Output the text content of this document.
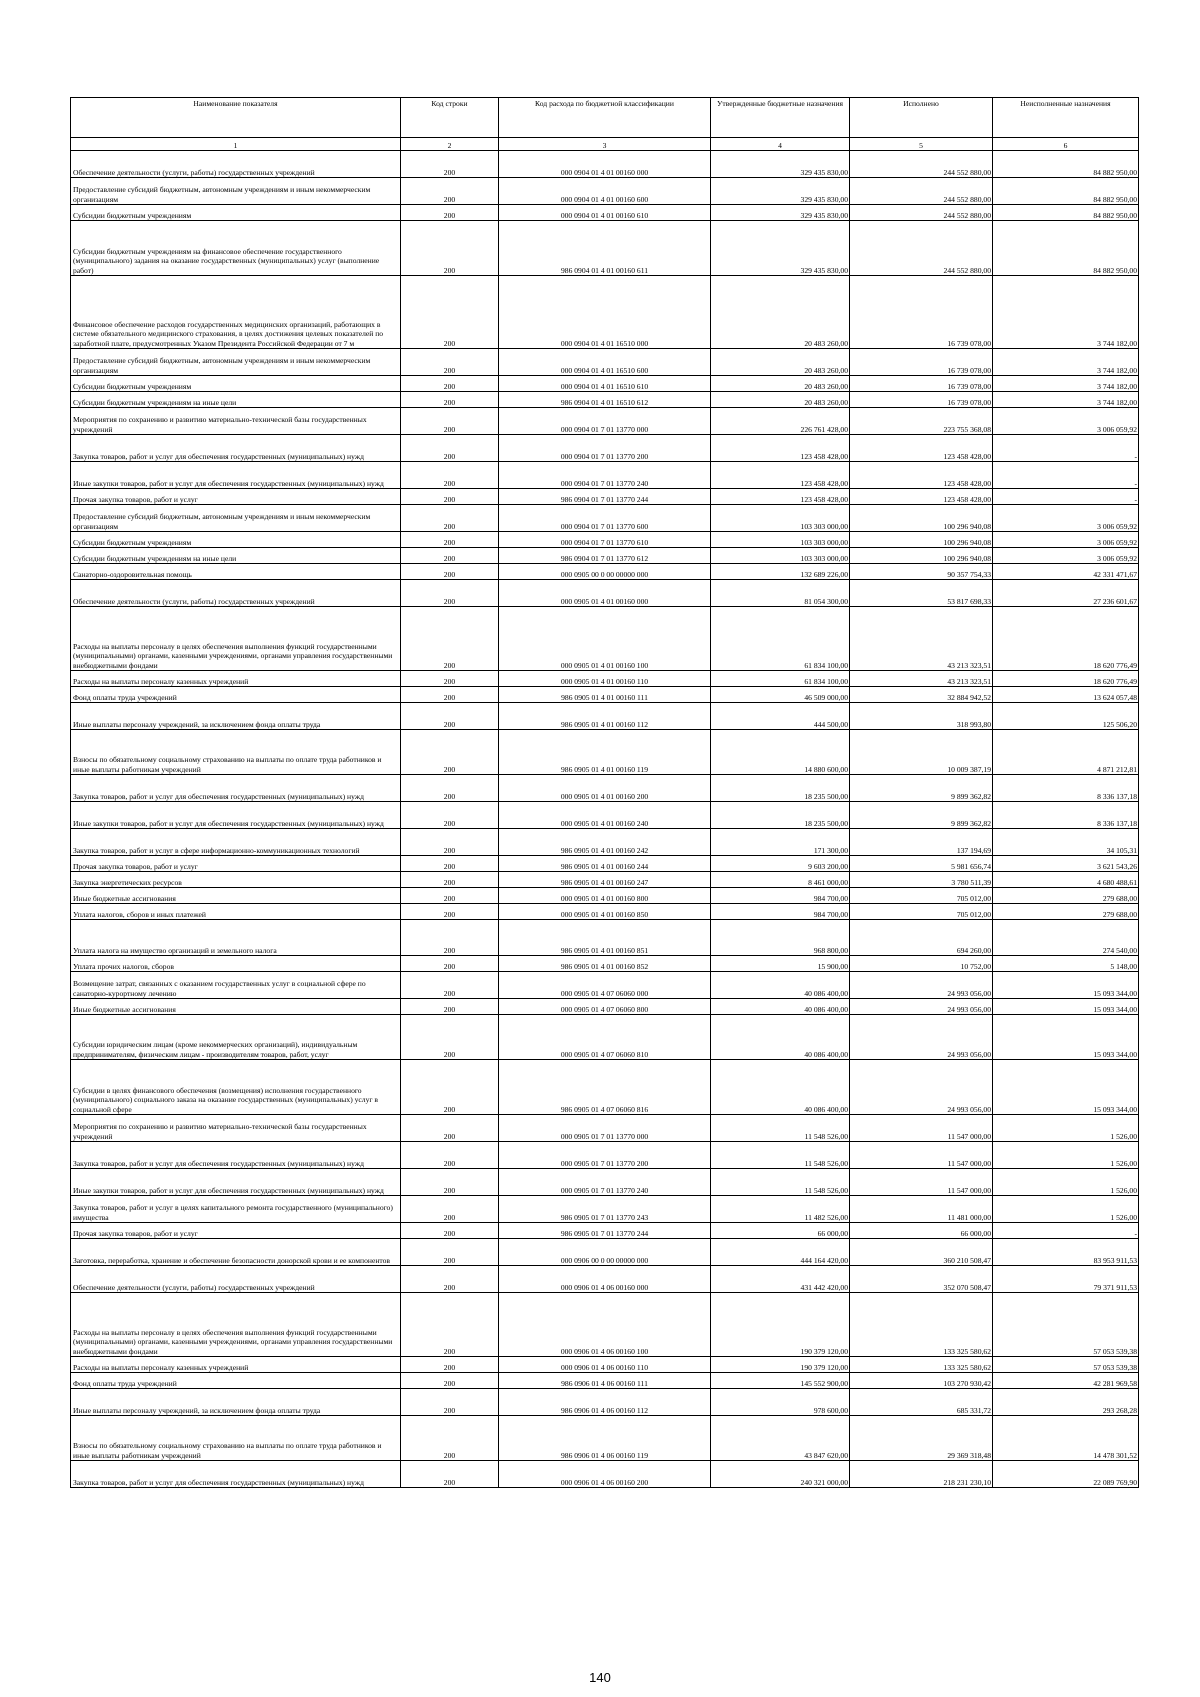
Наименование показателя	Код строки	Код расхода по бюджетной классификации	Утвержденные бюджетные назначения	Исполнено	Неисполненные назначения
1	2	3	4	5	6
Обеспечение деятельности (услуги, работы) государственных учреждений	200	000 0904 01 4 01 00160 000	329 435 830,00	244 552 880,00	84 882 950,00
Предоставление субсидий бюджетным, автономным учреждениям и иным некоммерческим организациям	200	000 0904 01 4 01 00160 600	329 435 830,00	244 552 880,00	84 882 950,00
Субсидии бюджетным учреждениям	200	000 0904 01 4 01 00160 610	329 435 830,00	244 552 880,00	84 882 950,00
Субсидии бюджетным учреждениям на финансовое обеспечение государственного (муниципального) задания на оказание государственных (муниципальных) услуг (выполнение работ)	200	986 0904 01 4 01 00160 611	329 435 830,00	244 552 880,00	84 882 950,00
Финансовое обеспечение расходов государственных медицинских организаций, работающих в системе обязательного медицинского страхования, в целях достижения целевых показателей по заработной плате, предусмотренных Указом Президента Российской Федерации от 7 м	200	000 0904 01 4 01 16510 000	20 483 260,00	16 739 078,00	3 744 182,00
Предоставление субсидий бюджетным, автономным учреждениям и иным некоммерческим организациям	200	000 0904 01 4 01 16510 600	20 483 260,00	16 739 078,00	3 744 182,00
Субсидии бюджетным учреждениям	200	000 0904 01 4 01 16510 610	20 483 260,00	16 739 078,00	3 744 182,00
Субсидии бюджетным учреждениям на иные цели	200	986 0904 01 4 01 16510 612	20 483 260,00	16 739 078,00	3 744 182,00
Мероприятия по сохранению и развитию материально-технической базы государственных учреждений	200	000 0904 01 7 01 13770 000	226 761 428,00	223 755 368,08	3 006 059,92
Закупка товаров, работ и услуг для обеспечения государственных (муниципальных) нужд	200	000 0904 01 7 01 13770 200	123 458 428,00	123 458 428,00	-
Иные закупки товаров, работ и услуг для обеспечения государственных (муниципальных) нужд	200	000 0904 01 7 01 13770 240	123 458 428,00	123 458 428,00	-
Прочая закупка товаров, работ и услуг	200	986 0904 01 7 01 13770 244	123 458 428,00	123 458 428,00	-
Предоставление субсидий бюджетным, автономным учреждениям и иным некоммерческим организациям	200	000 0904 01 7 01 13770 600	103 303 000,00	100 296 940,08	3 006 059,92
Субсидии бюджетным учреждениям	200	000 0904 01 7 01 13770 610	103 303 000,00	100 296 940,08	3 006 059,92
Субсидии бюджетным учреждениям на иные цели	200	986 0904 01 7 01 13770 612	103 303 000,00	100 296 940,08	3 006 059,92
Санаторно-оздоровительная помощь	200	000 0905 00 0 00 00000 000	132 689 226,00	90 357 754,33	42 331 471,67
Обеспечение деятельности (услуги, работы) государственных учреждений	200	000 0905 01 4 01 00160 000	81 054 300,00	53 817 698,33	27 236 601,67
Расходы на выплаты персоналу в целях обеспечения выполнения функций государственными (муниципальными) органами, казенными учреждениями, органами управления государственными внебюджетными фондами	200	000 0905 01 4 01 00160 100	61 834 100,00	43 213 323,51	18 620 776,49
Расходы на выплаты персоналу казенных учреждений	200	000 0905 01 4 01 00160 110	61 834 100,00	43 213 323,51	18 620 776,49
Фонд оплаты труда учреждений	200	986 0905 01 4 01 00160 111	46 509 000,00	32 884 942,52	13 624 057,48
Иные выплаты персоналу учреждений, за исключением фонда оплаты труда	200	986 0905 01 4 01 00160 112	444 500,00	318 993,80	125 506,20
Взносы по обязательному социальному страхованию на выплаты по оплате труда работников и иные выплаты работникам учреждений	200	986 0905 01 4 01 00160 119	14 880 600,00	10 009 387,19	4 871 212,81
Закупка товаров, работ и услуг для обеспечения государственных (муниципальных) нужд	200	000 0905 01 4 01 00160 200	18 235 500,00	9 899 362,82	8 336 137,18
Иные закупки товаров, работ и услуг для обеспечения государственных (муниципальных) нужд	200	000 0905 01 4 01 00160 240	18 235 500,00	9 899 362,82	8 336 137,18
Закупка товаров, работ и услуг в сфере информационно-коммуникационных технологий	200	986 0905 01 4 01 00160 242	171 300,00	137 194,69	34 105,31
Прочая закупка товаров, работ и услуг	200	986 0905 01 4 01 00160 244	9 603 200,00	5 981 656,74	3 621 543,26
Закупка энергетических ресурсов	200	986 0905 01 4 01 00160 247	8 461 000,00	3 780 511,39	4 680 488,61
Иные бюджетные ассигнования	200	000 0905 01 4 01 00160 800	984 700,00	705 012,00	279 688,00
Уплата налогов, сборов и иных платежей	200	000 0905 01 4 01 00160 850	984 700,00	705 012,00	279 688,00
Уплата налога на имущество организаций и земельного налога	200	986 0905 01 4 01 00160 851	968 800,00	694 260,00	274 540,00
Уплата прочих налогов, сборов	200	986 0905 01 4 01 00160 852	15 900,00	10 752,00	5 148,00
Возмещение затрат, связанных с оказанием государственных услуг в социальной сфере по санаторно-курортному лечению	200	000 0905 01 4 07 06060 000	40 086 400,00	24 993 056,00	15 093 344,00
Иные бюджетные ассигнования	200	000 0905 01 4 07 06060 800	40 086 400,00	24 993 056,00	15 093 344,00
Субсидии юридическим лицам (кроме некоммерческих организаций), индивидуальным предпринимателям, физическим лицам - производителям товаров, работ, услуг	200	000 0905 01 4 07 06060 810	40 086 400,00	24 993 056,00	15 093 344,00
Субсидии в целях финансового обеспечения (возмещения) исполнения государственного (муниципального) социального заказа на оказание государственных (муниципальных) услуг в социальной сфере	200	986 0905 01 4 07 06060 816	40 086 400,00	24 993 056,00	15 093 344,00
Мероприятия по сохранению и развитию материально-технической базы государственных учреждений	200	000 0905 01 7 01 13770 000	11 548 526,00	11 547 000,00	1 526,00
Закупка товаров, работ и услуг для обеспечения государственных (муниципальных) нужд	200	000 0905 01 7 01 13770 200	11 548 526,00	11 547 000,00	1 526,00
Иные закупки товаров, работ и услуг для обеспечения государственных (муниципальных) нужд	200	000 0905 01 7 01 13770 240	11 548 526,00	11 547 000,00	1 526,00
Закупка товаров, работ и услуг в целях капитального ремонта государственного (муниципального) имущества	200	986 0905 01 7 01 13770 243	11 482 526,00	11 481 000,00	1 526,00
Прочая закупка товаров, работ и услуг	200	986 0905 01 7 01 13770 244	66 000,00	66 000,00	-
Заготовка, переработка, хранение и обеспечение безопасности донорской крови и ее компонентов	200	000 0906 00 0 00 00000 000	444 164 420,00	360 210 508,47	83 953 911,53
Обеспечение деятельности (услуги, работы) государственных учреждений	200	000 0906 01 4 06 00160 000	431 442 420,00	352 070 508,47	79 371 911,53
Расходы на выплаты персоналу в целях обеспечения выполнения функций государственными (муниципальными) органами, казенными учреждениями, органами управления государственными внебюджетными фондами	200	000 0906 01 4 06 00160 100	190 379 120,00	133 325 580,62	57 053 539,38
Расходы на выплаты персоналу казенных учреждений	200	000 0906 01 4 06 00160 110	190 379 120,00	133 325 580,62	57 053 539,38
Фонд оплаты труда учреждений	200	986 0906 01 4 06 00160 111	145 552 900,00	103 270 930,42	42 281 969,58
Иные выплаты персоналу учреждений, за исключением фонда оплаты труда	200	986 0906 01 4 06 00160 112	978 600,00	685 331,72	293 268,28
Взносы по обязательному социальному страхованию на выплаты по оплате труда работников и иные выплаты работникам учреждений	200	986 0906 01 4 06 00160 119	43 847 620,00	29 369 318,48	14 478 301,52
Закупка товаров, работ и услуг для обеспечения государственных (муниципальных) нужд	200	000 0906 01 4 06 00160 200	240 321 000,00	218 231 230,10	22 089 769,90
140
